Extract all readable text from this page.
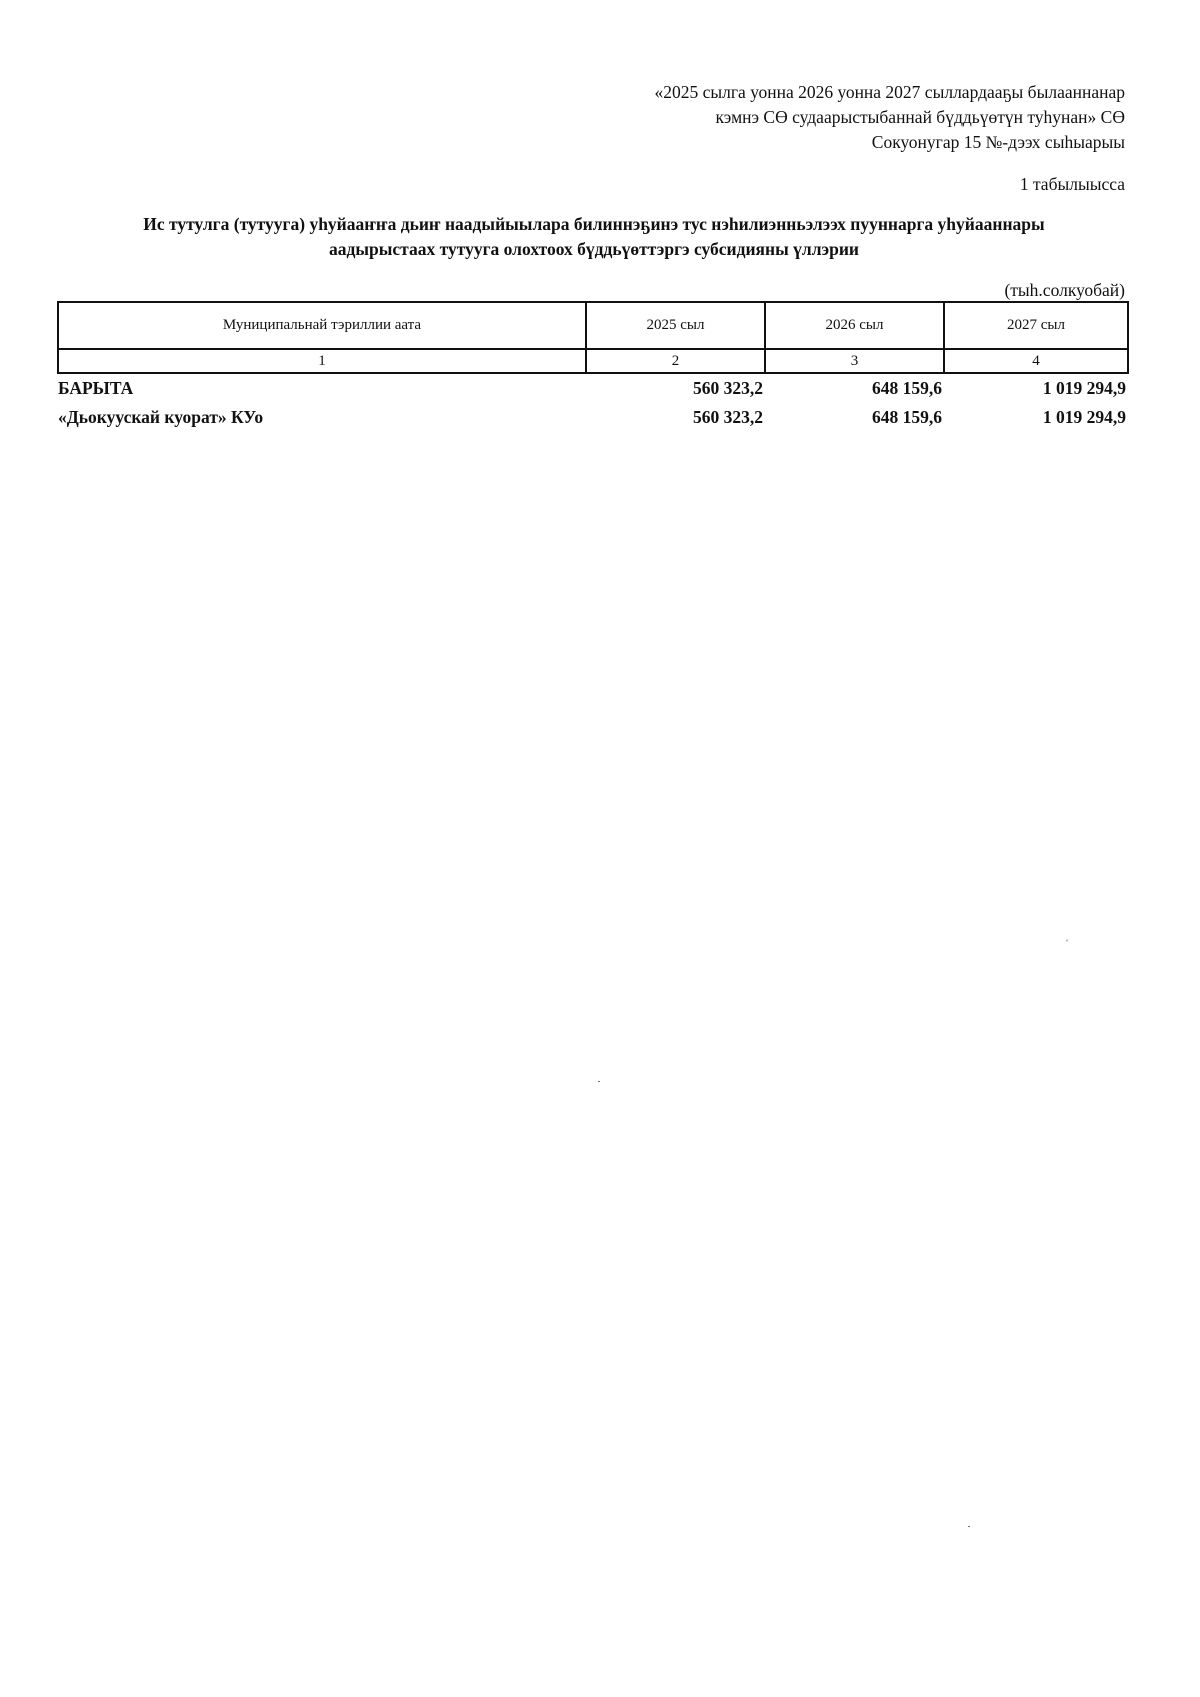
«2025 сылга уонна 2026 уонна 2027 сыллардааҕы былааннанар
кэмнэ СӨ судаарыстыбаннай бүддьүөтүн туһунан» СӨ
Сокуонугар 15 №-дээх сыһыарыы
1 табылыысса
Ис тутулга (тутууга) уһуйааҥҥа дьиҥ наадыйыылара билиннэҕинэ тус нэһилиэнньэлээх пууннарга уһуйааннары
аадырыстаах тутууга олохтоох бүддьүөттэргэ субсидияны үллэрии
(тыһ.солкуобай)
Муниципальнай тэриллии аата	2025 сыл	2026 сыл	2027 сыл
1	2	3	4
БАРЫТА	560 323,2	648 159,6	1 019 294,9
«Дьокуускай куорат» КУо	560 323,2	648 159,6	1 019 294,9
